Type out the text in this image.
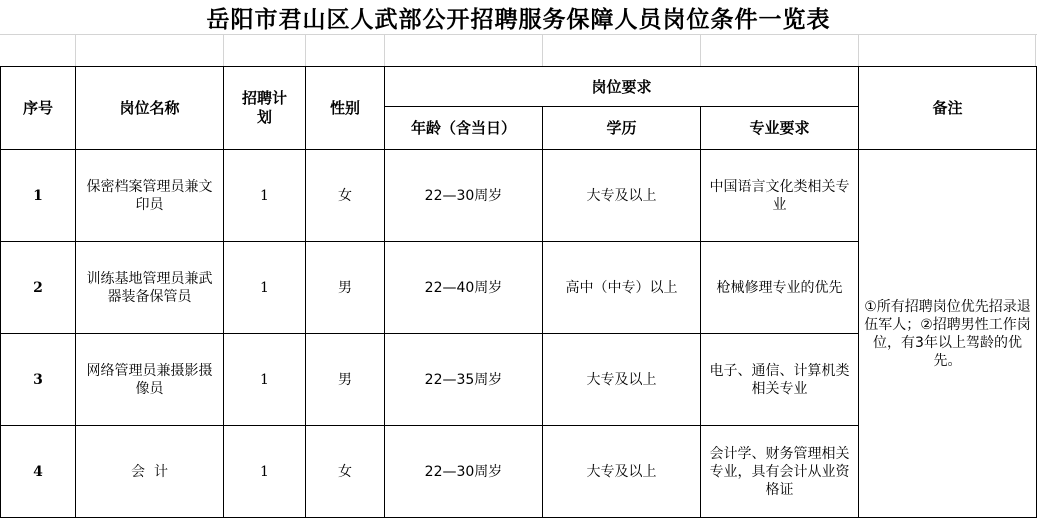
岳阳市君山区人武部公开招聘服务保障人员岗位条件一览表
序号	岗位名称	招聘计划	性别	岗位要求			备注
				年龄（含当日）	学历	专业要求	
1	保密档案管理员兼文印员	1	女	22—30周岁	大专及以上	中国语言文化类相关专业	①所有招聘岗位优先招录退伍军人；②招聘男性工作岗位，有3年以上驾龄的优先。
2	训练基地管理员兼武器装备保管员	1	男	22—40周岁	高中（中专）以上	枪械修理专业的优先	
3	网络管理员兼摄影摄像员	1	男	22—35周岁	大专及以上	电子、通信、计算机类相关专业	
4	会  计	1	女	22—30周岁	大专及以上	会计学、财务管理相关专业，具有会计从业资格证	
